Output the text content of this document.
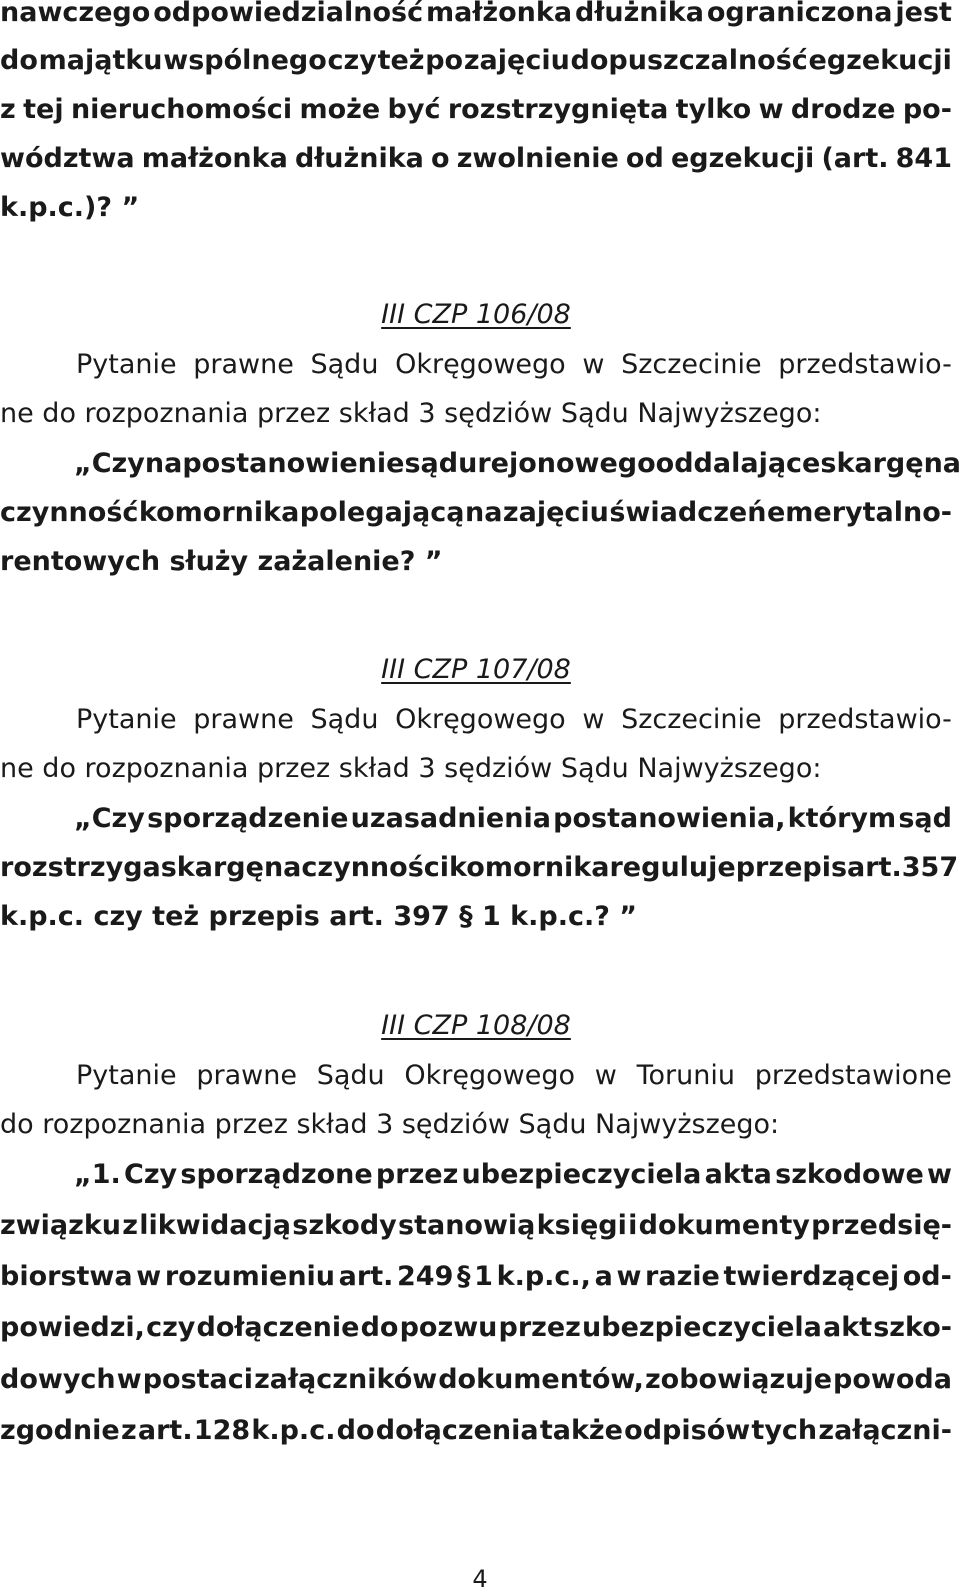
nawczego odpowiedzialność małżonka dłużnika ograniczona jest
do majątku wspólnego czy też po zajęciu dopuszczalność egzekucji
z tej nieruchomości może być rozstrzygnięta tylko w drodze po-
wództwa małżonka dłużnika o zwolnienie od egzekucji (art. 841
k.p.c.)? ”
III CZP 106/08
Pytanie prawne Sądu Okręgowego w Szczecinie przedstawio-
ne do rozpoznania przez skład 3 sędziów Sądu Najwyższego:
„Czy na postanowienie sądu rejonowego oddalające skargę na
czynność komornika polegającą na zajęciu świadczeń emerytalno-
rentowych służy zażalenie? ”
III CZP 107/08
Pytanie prawne Sądu Okręgowego w Szczecinie przedstawio-
ne do rozpoznania przez skład 3 sędziów Sądu Najwyższego:
„Czy sporządzenie uzasadnienia postanowienia, którym sąd
rozstrzyga skargę na czynności komornika reguluje przepis art. 357
k.p.c. czy też przepis art. 397 § 1 k.p.c.? ”
III CZP 108/08
Pytanie prawne Sądu Okręgowego w Toruniu przedstawione
do rozpoznania przez skład 3 sędziów Sądu Najwyższego:
„1. Czy sporządzone przez ubezpieczyciela akta szkodowe w
związku z likwidacją szkody stanowią księgi i dokumenty przedsię-
biorstwa w rozumieniu art. 249 § 1 k.p.c., a w razie twierdzącej od-
powiedzi, czy dołączenie do pozwu przez ubezpieczyciela akt szko-
dowych w postaci załączników dokumentów, zobowiązuje powoda
zgodnie z art. 128 k.p.c. do dołączenia także odpisów tych załączni-
4
